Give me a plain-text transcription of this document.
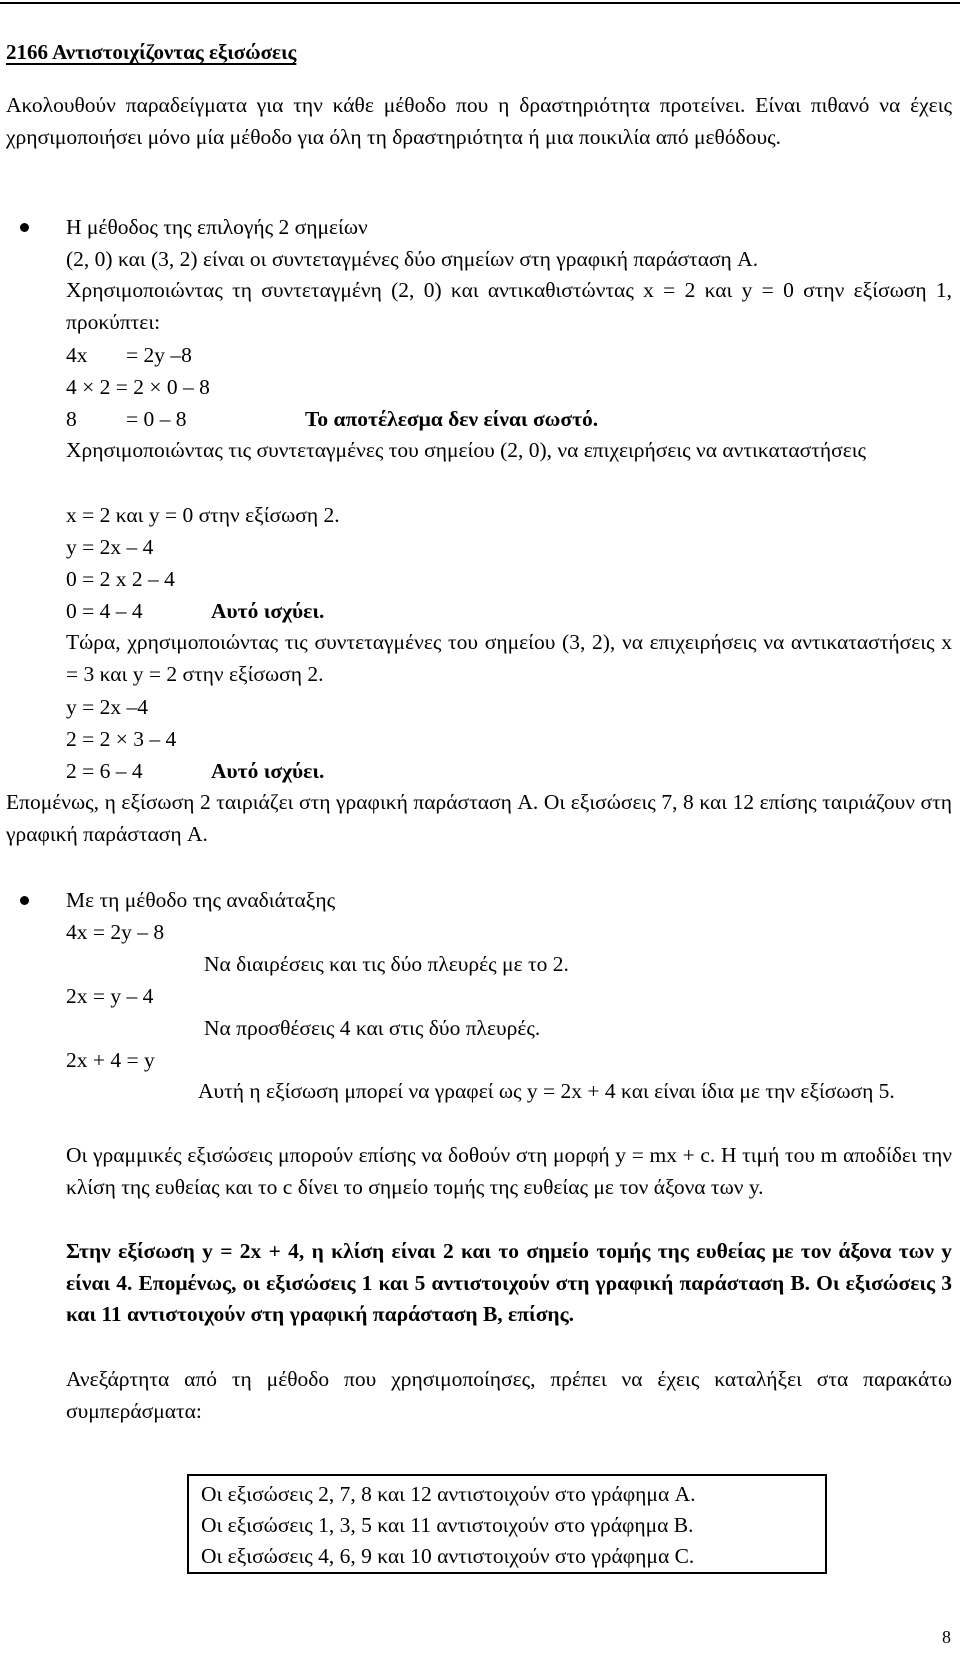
2166 Αντιστοιχίζοντας εξισώσεις
Ακολουθούν παραδείγματα για την κάθε μέθοδο που η δραστηριότητα προτείνει. Είναι πιθανό να έχεις χρησιμοποιήσει μόνο μία μέθοδο για όλη τη δραστηριότητα ή μια ποικιλία από μεθόδους.
Η μέθοδος της επιλογής 2 σημείων
(2, 0) και (3, 2) είναι οι συντεταγμένες δύο σημείων στη γραφική παράσταση A.
Χρησιμοποιώντας τη συντεταγμένη (2, 0) και αντικαθιστώντας x = 2 και y = 0 στην εξίσωση 1, προκύπτει:
4x = 2y –8
4 × 2 = 2 × 0 – 8
8 = 0 – 8	Το αποτέλεσμα δεν είναι σωστό.
Χρησιμοποιώντας τις συντεταγμένες του σημείου (2, 0), να επιχειρήσεις να αντικαταστήσεις
x = 2 και y = 0 στην εξίσωση 2.
y = 2x – 4
0 = 2 x 2 – 4
0 = 4 – 4	Αυτό ισχύει.
Τώρα, χρησιμοποιώντας τις συντεταγμένες του σημείου (3, 2), να επιχειρήσεις να αντικαταστήσεις x = 3 και y = 2 στην εξίσωση 2.
y = 2x –4
2 = 2 × 3 – 4
2 = 6 – 4	Αυτό ισχύει.
Επομένως, η εξίσωση 2 ταιριάζει στη γραφική παράσταση A. Οι εξισώσεις 7, 8 και 12 επίσης ταιριάζουν στη γραφική παράσταση A.
Με τη μέθοδο της αναδιάταξης
4x = 2y – 8
Να διαιρέσεις και τις δύο πλευρές με το 2.
2x = y – 4
Να προσθέσεις 4 και στις δύο πλευρές.
2x + 4 = y
Αυτή η εξίσωση μπορεί να γραφεί ως y = 2x + 4 και είναι ίδια με την εξίσωση 5.
Οι γραμμικές εξισώσεις μπορούν επίσης να δοθούν στη μορφή y = mx + c. Η τιμή του m αποδίδει την κλίση της ευθείας και το c δίνει το σημείο τομής της ευθείας με τον άξονα των y.
Στην εξίσωση y = 2x + 4, η κλίση είναι 2 και το σημείο τομής της ευθείας με τον άξονα των y είναι 4. Επομένως, οι εξισώσεις 1 και 5 αντιστοιχούν στη γραφική παράσταση B. Οι εξισώσεις 3 και 11 αντιστοιχούν στη γραφική παράσταση B, επίσης.
Ανεξάρτητα από τη μέθοδο που χρησιμοποίησες, πρέπει να έχεις καταλήξει στα παρακάτω συμπεράσματα:
Οι εξισώσεις 2, 7, 8 και 12 αντιστοιχούν στο γράφημα A.
Οι εξισώσεις 1, 3, 5 και 11 αντιστοιχούν στο γράφημα B.
Οι εξισώσεις 4, 6, 9 και 10 αντιστοιχούν στο γράφημα C.
8
